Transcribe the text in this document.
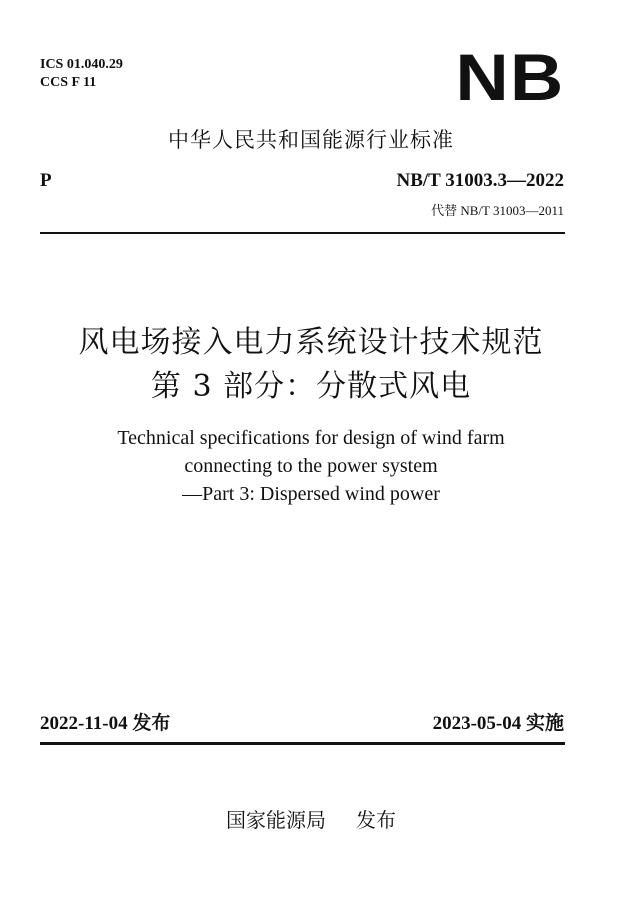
ICS 01.040.29
CCS F 11	NB
中华人民共和国能源行业标准
P	NB/T 31003.3—2022
代替 NB/T 31003—2011
风电场接入电力系统设计技术规范
第 3 部分：分散式风电
Technical specifications for design of wind farm
connecting to the power system
—Part 3: Dispersed wind power
2022-11-04 发布	2023-05-04 实施
国家能源局 发布
